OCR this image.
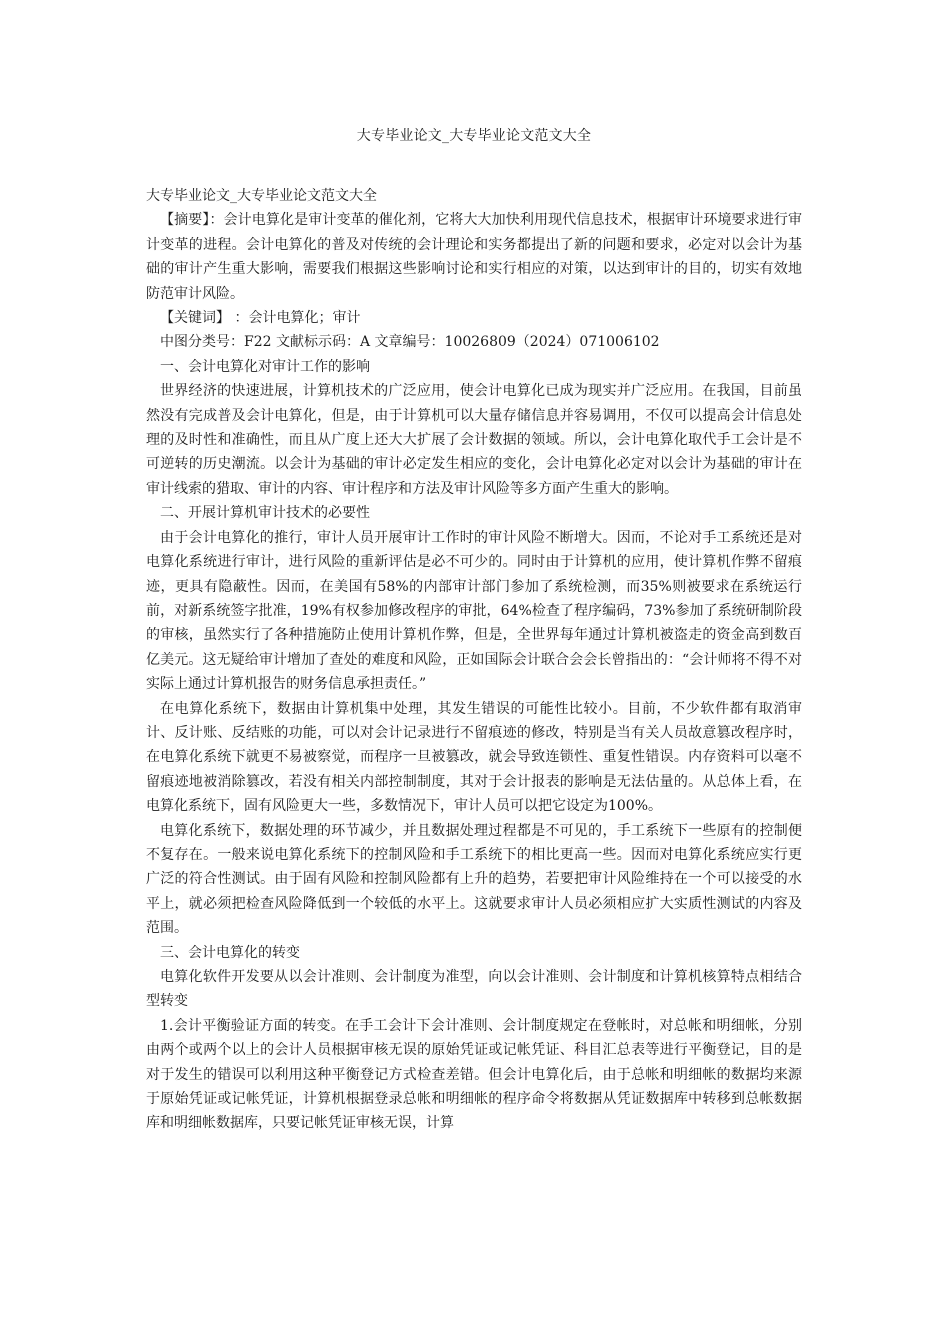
大专毕业论文_大专毕业论文范文大全

大专毕业论文_大专毕业论文范文大全

【摘要】：会计电算化是审计变革的催化剂，它将大大加快利用现代信息技术，根据审计环境要求进行审计变革的进程。会计电算化的普及对传统的会计理论和实务都提出了新的问题和要求，必定对以会计为基础的审计产生重大影响，需要我们根据这些影响讨论和实行相应的对策，以达到审计的目的，切实有效地防范审计风险。

【关键词】 ：会计电算化；审计

中图分类号：F22 文献标示码：A 文章编号：10026809（2024）071006102

一、会计电算化对审计工作的影响

世界经济的快速进展，计算机技术的广泛应用，使会计电算化已成为现实并广泛应用。在我国，目前虽然没有完成普及会计电算化，但是，由于计算机可以大量存储信息并容易调用，不仅可以提高会计信息处理的及时性和准确性，而且从广度上还大大扩展了会计数据的领域。所以，会计电算化取代手工会计是不可逆转的历史潮流。以会计为基础的审计必定发生相应的变化，会计电算化必定对以会计为基础的审计在审计线索的猎取、审计的内容、审计程序和方法及审计风险等多方面产生重大的影响。

二、开展计算机审计技术的必要性

由于会计电算化的推行，审计人员开展审计工作时的审计风险不断增大。因而，不论对手工系统还是对电算化系统进行审计，进行风险的重新评估是必不可少的。同时由于计算机的应用，使计算机作弊不留痕迹，更具有隐蔽性。因而，在美国有58%的内部审计部门参加了系统检测，而35%则被要求在系统运行前，对新系统签字批准，19%有权参加修改程序的审批，64%检查了程序编码，73%参加了系统研制阶段的审核，虽然实行了各种措施防止使用计算机作弊，但是，全世界每年通过计算机被盗走的资金高到数百亿美元。这无疑给审计增加了查处的难度和风险，正如国际会计联合会会长曾指出的：“会计师将不得不对实际上通过计算机报告的财务信息承担责任。”

在电算化系统下，数据由计算机集中处理，其发生错误的可能性比较小。目前，不少软件都有取消审计、反计账、反结账的功能，可以对会计记录进行不留痕迹的修改，特别是当有关人员故意篡改程序时，在电算化系统下就更不易被察觉，而程序一旦被篡改，就会导致连锁性、重复性错误。内存资料可以毫不留痕迹地被消除篡改，若没有相关内部控制制度，其对于会计报表的影响是无法估量的。从总体上看，在电算化系统下，固有风险更大一些，多数情况下，审计人员可以把它设定为100%。

电算化系统下，数据处理的环节减少，并且数据处理过程都是不可见的，手工系统下一些原有的控制便不复存在。一般来说电算化系统下的控制风险和手工系统下的相比更高一些。因而对电算化系统应实行更广泛的符合性测试。由于固有风险和控制风险都有上升的趋势，若要把审计风险维持在一个可以接受的水平上，就必须把检查风险降低到一个较低的水平上。这就要求审计人员必须相应扩大实质性测试的内容及范围。

三、会计电算化的转变

电算化软件开发要从以会计准则、会计制度为准型，向以会计准则、会计制度和计算机核算特点相结合型转变

1.会计平衡验证方面的转变。在手工会计下会计准则、会计制度规定在登帐时，对总帐和明细帐，分别由两个或两个以上的会计人员根据审核无误的原始凭证或记帐凭证、科目汇总表等进行平衡登记，目的是对于发生的错误可以利用这种平衡登记方式检查差错。但会计电算化后，由于总帐和明细帐的数据均来源于原始凭证或记帐凭证，计算机根据登录总帐和明细帐的程序命令将数据从凭证数据库中转移到总帐数据库和明细帐数据库，只要记帐凭证审核无误，计算
